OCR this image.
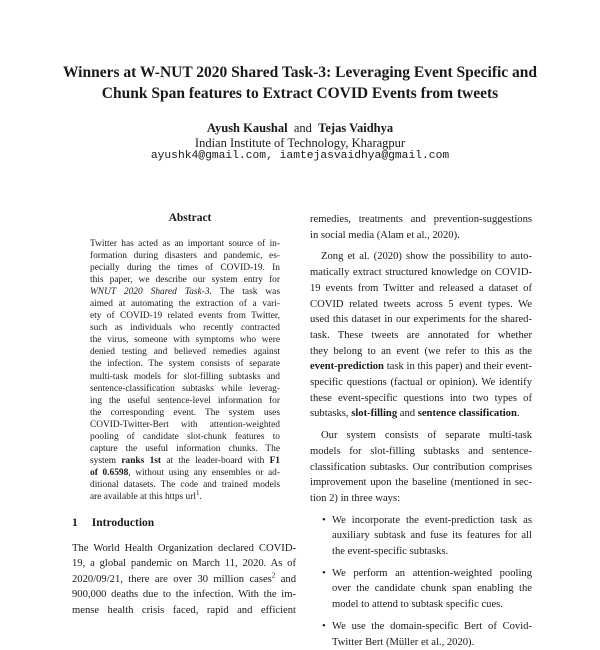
Winners at W-NUT 2020 Shared Task-3: Leveraging Event Specific and
Chunk Span features to Extract COVID Events from tweets
Ayush Kaushal and Tejas Vaidhya
Indian Institute of Technology, Kharagpur
ayushk4@gmail.com, iamtejasvaidhya@gmail.com
Abstract
Twitter has acted as an important source of in-
formation during disasters and pandemic, es-
pecially during the times of COVID-19. In
this paper, we describe our system entry for
WNUT 2020 Shared Task-3. The task was
aimed at automating the extraction of a vari-
ety of COVID-19 related events from Twitter,
such as individuals who recently contracted
the virus, someone with symptoms who were
denied testing and believed remedies against
the infection. The system consists of separate
multi-task models for slot-filling subtasks and
sentence-classification subtasks while leverag-
ing the useful sentence-level information for
the corresponding event. The system uses
COVID-Twitter-Bert with attention-weighted
pooling of candidate slot-chunk features to
capture the useful information chunks. The
system ranks 1st at the leader-board with F1
of 0.6598, without using any ensembles or ad-
ditional datasets. The code and trained models
are available at this https url$^1$.
1 Introduction
The World Health Organization declared COVID-
19, a global pandemic on March 11, 2020. As of
2020/09/21, there are over 30 million cases$^2$ and
900,000 deaths due to the infection. With the im-
mense health crisis faced, rapid and efficient
remedies, treatments and prevention-suggestions
in social media (Alam et al., 2020).
Zong et al. (2020) show the possibility to auto-
matically extract structured knowledge on COVID-
19 events from Twitter and released a dataset of
COVID related tweets across 5 event types. We
used this dataset in our experiments for the shared-
task. These tweets are annotated for whether
they belong to an event (we refer to this as the
event-prediction task in this paper) and their event-
specific questions (factual or opinion). We identify
these event-specific questions into two types of
subtasks, slot-filling and sentence classification.
Our system consists of separate multi-task
models for slot-filling subtasks and sentence-
classification subtasks. Our contribution comprises
improvement upon the baseline (mentioned in sec-
tion 2) in three ways:
• We incorporate the event-prediction task as
auxiliary subtask and fuse its features for all
the event-specific subtasks.
• We perform an attention-weighted pooling
over the candidate chunk span enabling the
model to attend to subtask specific cues.
• We use the domain-specific Bert of Covid-
Twitter Bert (Müller et al., 2020).
